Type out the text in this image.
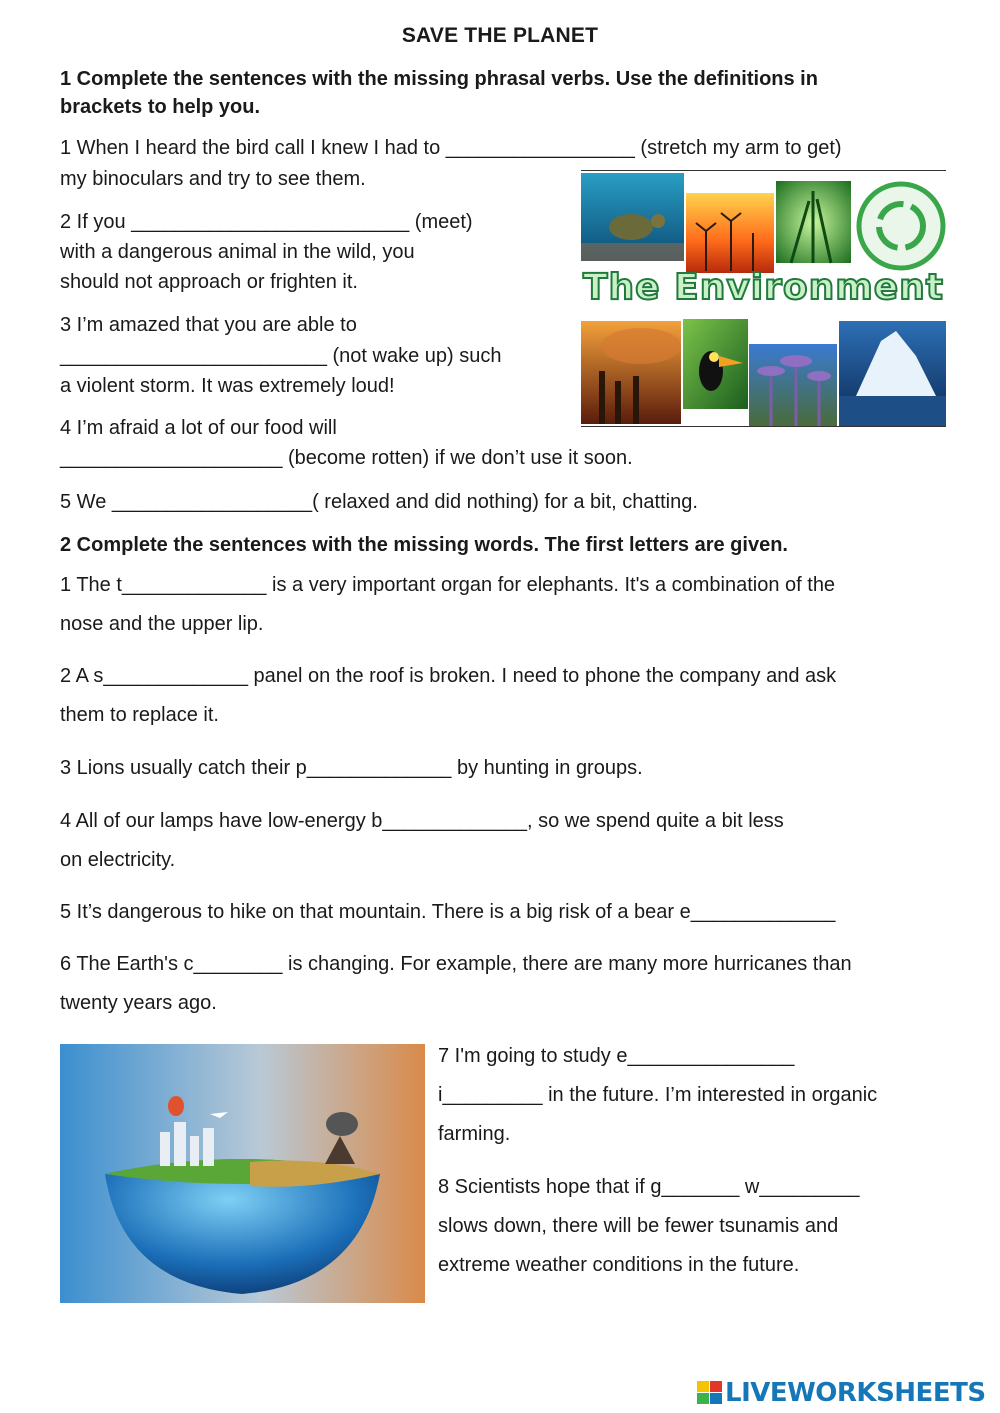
SAVE THE PLANET
1 Complete the sentences with the missing phrasal verbs. Use the definitions in
brackets to help you.
1 When I heard the bird call I knew I had to _________________ (stretch my arm to get)
my binoculars and try to see them.
2 If you _________________________ (meet)
with a dangerous animal in the wild, you
should not approach or frighten it.
3 I’m amazed that you are able to
________________________ (not wake up) such
a violent storm. It was extremely loud!
4 I’m afraid a lot of our food will
____________________ (become rotten) if we don’t use it soon.
5 We __________________( relaxed and did nothing) for a bit, chatting.
The Environment
2 Complete the sentences with the missing words. The first letters are given.
1 The t_____________ is a very important organ for elephants. It's a combination of the
nose and the upper lip.
2 A s_____________ panel on the roof is broken. I need to phone the company and ask
them to replace it.
3 Lions usually catch their p_____________ by hunting in groups.
4 All of our lamps have low-energy b_____________, so we spend quite a bit less
on electricity.
5 It’s dangerous to hike on that mountain. There is a big risk of a bear e_____________
6 The Earth's c________ is changing. For example, there are many more hurricanes than
twenty years ago.
7 I'm going to study e_______________
i_________ in the future. I’m interested in organic
farming.
8 Scientists hope that if g_______ w_________
slows down, there will be fewer tsunamis and
extreme weather conditions in the future.
LIVEWORKSHEETS
